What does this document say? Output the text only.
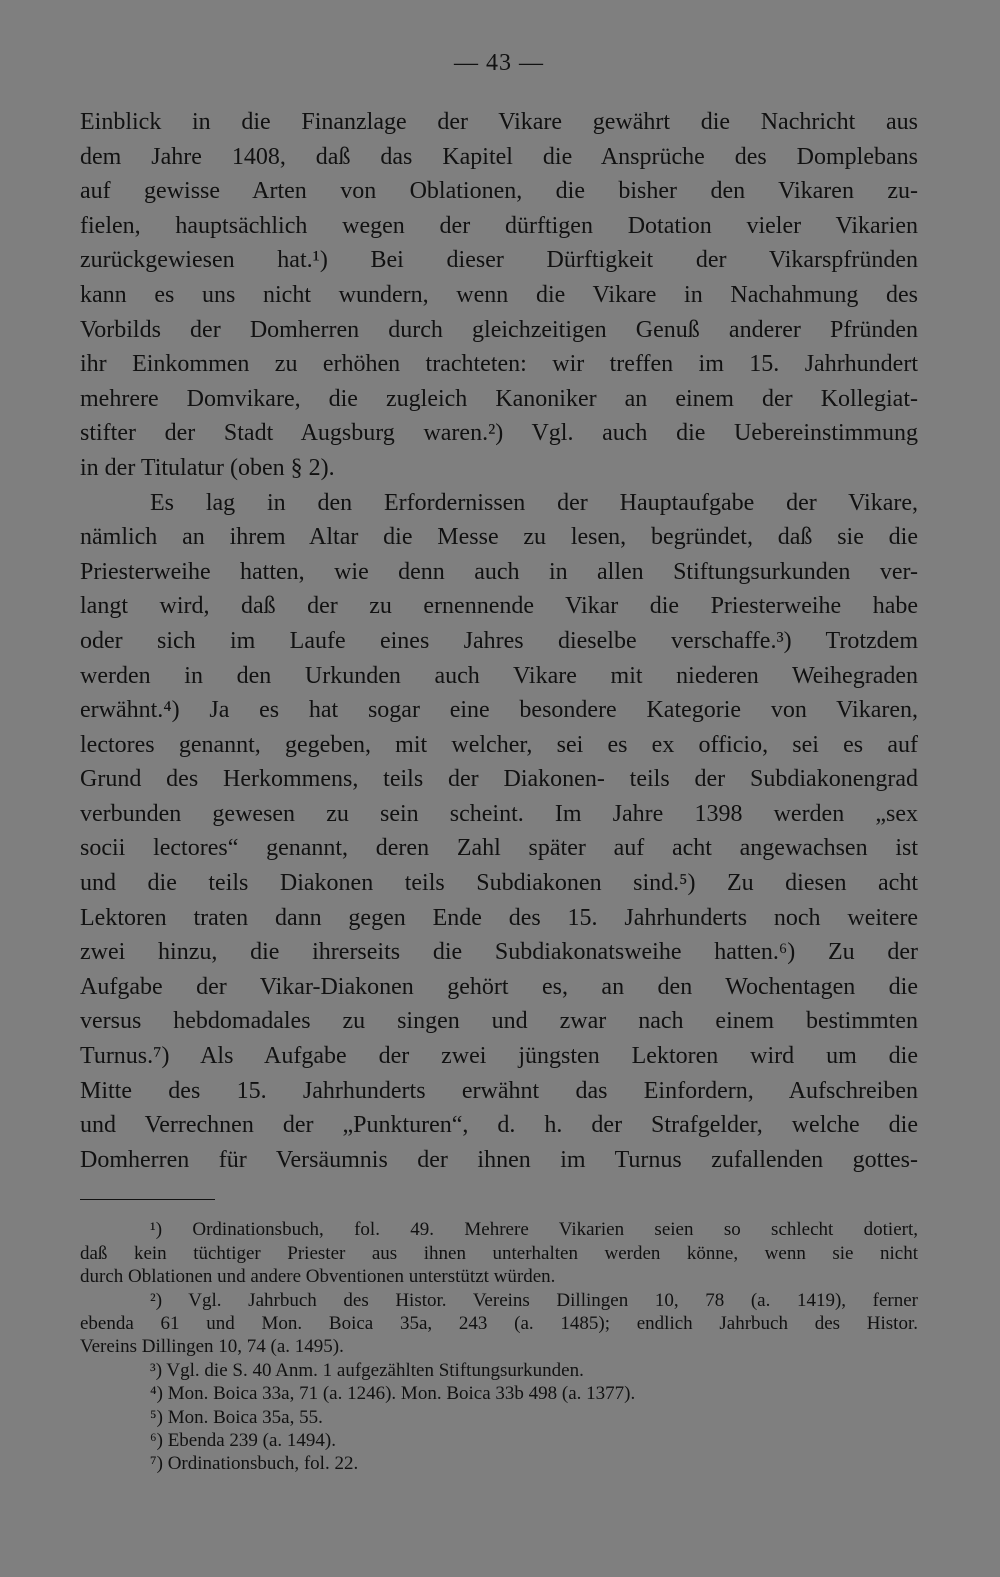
— 43 —
Einblick in die Finanzlage der Vikare gewährt die Nachricht aus
dem Jahre 1408, daß das Kapitel die Ansprüche des Domplebans
auf gewisse Arten von Oblationen, die bisher den Vikaren zu-
fielen, hauptsächlich wegen der dürftigen Dotation vieler Vikarien
zurückgewiesen hat.¹) Bei dieser Dürftigkeit der Vikarspfründen
kann es uns nicht wundern, wenn die Vikare in Nachahmung des
Vorbilds der Domherren durch gleichzeitigen Genuß anderer Pfründen
ihr Einkommen zu erhöhen trachteten: wir treffen im 15. Jahrhundert
mehrere Domvikare, die zugleich Kanoniker an einem der Kollegiat-
stifter der Stadt Augsburg waren.²) Vgl. auch die Uebereinstimmung
in der Titulatur (oben § 2).
Es lag in den Erfordernissen der Hauptaufgabe der Vikare,
nämlich an ihrem Altar die Messe zu lesen, begründet, daß sie die
Priesterweihe hatten, wie denn auch in allen Stiftungsurkunden ver-
langt wird, daß der zu ernennende Vikar die Priesterweihe habe
oder sich im Laufe eines Jahres dieselbe verschaffe.³) Trotzdem
werden in den Urkunden auch Vikare mit niederen Weihegraden
erwähnt.⁴) Ja es hat sogar eine besondere Kategorie von Vikaren,
lectores genannt, gegeben, mit welcher, sei es ex officio, sei es auf
Grund des Herkommens, teils der Diakonen- teils der Subdiakonengrad
verbunden gewesen zu sein scheint. Im Jahre 1398 werden „sex
socii lectores“ genannt, deren Zahl später auf acht angewachsen ist
und die teils Diakonen teils Subdiakonen sind.⁵) Zu diesen acht
Lektoren traten dann gegen Ende des 15. Jahrhunderts noch weitere
zwei hinzu, die ihrerseits die Subdiakonatsweihe hatten.⁶) Zu der
Aufgabe der Vikar-Diakonen gehört es, an den Wochentagen die
versus hebdomadales zu singen und zwar nach einem bestimmten
Turnus.⁷) Als Aufgabe der zwei jüngsten Lektoren wird um die
Mitte des 15. Jahrhunderts erwähnt das Einfordern, Aufschreiben
und Verrechnen der „Punkturen“, d. h. der Strafgelder, welche die
Domherren für Versäumnis der ihnen im Turnus zufallenden gottes-
¹) Ordinationsbuch, fol. 49. Mehrere Vikarien seien so schlecht dotiert,
daß kein tüchtiger Priester aus ihnen unterhalten werden könne, wenn sie nicht
durch Oblationen und andere Obventionen unterstützt würden.
²) Vgl. Jahrbuch des Histor. Vereins Dillingen 10, 78 (a. 1419), ferner
ebenda 61 und Mon. Boica 35a, 243 (a. 1485); endlich Jahrbuch des Histor.
Vereins Dillingen 10, 74 (a. 1495).
³) Vgl. die S. 40 Anm. 1 aufgezählten Stiftungsurkunden.
⁴) Mon. Boica 33a, 71 (a. 1246). Mon. Boica 33b 498 (a. 1377).
⁵) Mon. Boica 35a, 55.
⁶) Ebenda 239 (a. 1494).
⁷) Ordinationsbuch, fol. 22.
